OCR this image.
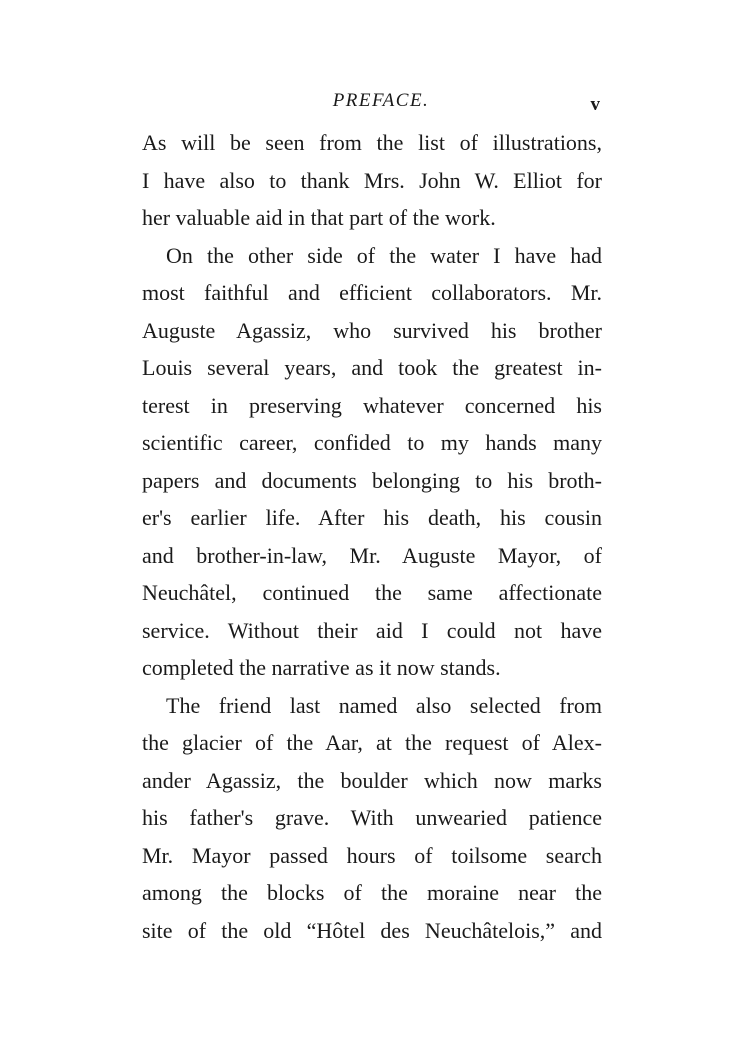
PREFACE.	v

As will be seen from the list of illustrations,
I have also to thank Mrs. John W. Elliot for
her valuable aid in that part of the work.

On the other side of the water I have had
most faithful and efficient collaborators. Mr.
Auguste Agassiz, who survived his brother
Louis several years, and took the greatest in-
terest in preserving whatever concerned his
scientific career, confided to my hands many
papers and documents belonging to his broth-
er's earlier life. After his death, his cousin
and brother-in-law, Mr. Auguste Mayor, of
Neuchâtel, continued the same affectionate
service. Without their aid I could not have
completed the narrative as it now stands.

The friend last named also selected from
the glacier of the Aar, at the request of Alex-
ander Agassiz, the boulder which now marks
his father's grave. With unwearied patience
Mr. Mayor passed hours of toilsome search
among the blocks of the moraine near the
site of the old “Hôtel des Neuchâtelois,” and
